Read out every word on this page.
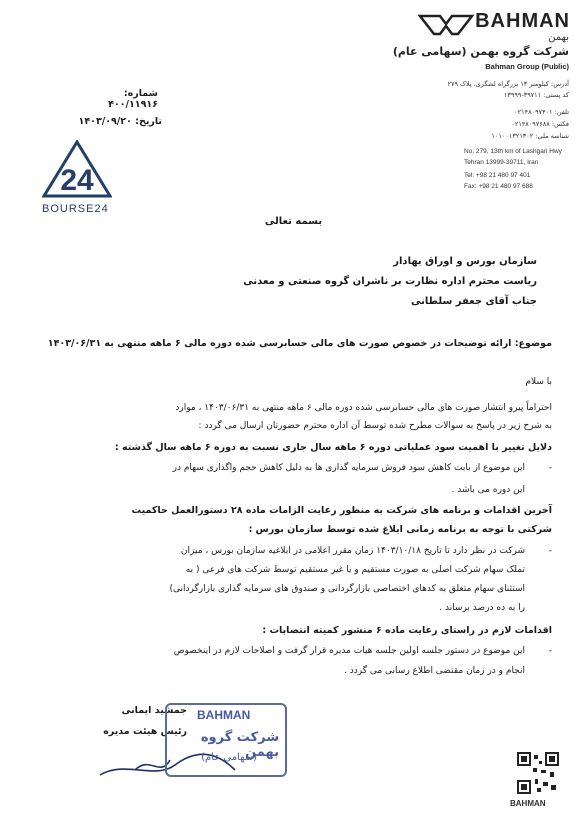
BAHMAN
بهمن
شرکت گروه بهمن (سهامی عام)
Bahman Group (Public)
آدرس: کیلومتر ۱۳ بزرگراه لشگری، پلاک ۲۷۹
کد پستی: ۳۹۷۱۱-۱۳۹۹۹
تلفن: ۰۲۱۴۸۰۹۷۴۰۱
فکس: ۰۲۱۴۸۰۹۷۶۸۸
شناسه ملی: ۱۰۱۰۰۱۳۲۱۳۰۲
No. 279, 13th km of Lashgari Hwy
Tehran 13999-39711, Iran
Tel: +98 21 480 97 401
Fax: +98 21 480 97 688
شماره: ۴۰۰/۱۱۹۱۶
تاریخ: ۱۴۰۳/۰۹/۲۰
24
BOURSE24
بسمه تعالی
سازمان بورس و اوراق بهادار
ریاست محترم اداره نظارت بر ناشران گروه صنعتی و معدنی
جناب آقای جعفر سلطانی
موضوع: ارائه توضیحات در خصوص صورت های مالی حسابرسی شده دوره مالی ۶ ماهه منتهی به ۱۴۰۳/۰۶/۳۱
با سلام
احتراماً پیرو انتشار صورت های مالی حسابرسی شده دوره مالی ۶ ماهه منتهی به ۱۴۰۳/۰۶/۳۱ ، موارد
به شرح زیر در پاسخ به سوالات مطرح شده توسط آن اداره محترم حضورتان ارسال می گردد :
دلایل تغییر با اهمیت سود عملیاتی دوره ۶ ماهه سال جاری نسبت به دوره ۶ ماهه سال گذشته :
-
این موضوع از بابت کاهش سود فروش سرمایه گذاری ها به دلیل کاهش حجم واگذاری سهام در
این دوره می باشد .
آخرین اقدامات و برنامه های شرکت به منظور رعایت الزامات ماده ۲۸ دستورالعمل حاکمیت
شرکتی با توجه به برنامه زمانی ابلاغ شده توسط سازمان بورس :
-
شرکت در نظر دارد تا تاریخ ۱۴۰۳/۱۰/۱۸ زمان مقرر اعلامی در ابلاغیه سازمان بورس ، میزان
تملک سهام شرکت اصلی به صورت مستقیم و یا غیر مستقیم توسط شرکت های فرعی ( به
استثنای سهام متعلق به کدهای اختصاصی بازارگردانی و صندوق های سرمایه گذاری بازارگردانی)
را به ده درصد برساند .
اقدامات لازم در راستای رعایت ماده ۶ منشور کمیته انتصابات :
-
این موضوع در دستور جلسه اولین جلسه هیات مدیره قرار گرفت و اصلاحات لازم در اینخصوص
انجام و در زمان مقتضی اطلاع رسانی می گردد .
جمشید ایمانی
رئیس هیئت مدیره
BAHMAN
شرکت گروه بهمن
(سهامی عام)
BAHMAN
